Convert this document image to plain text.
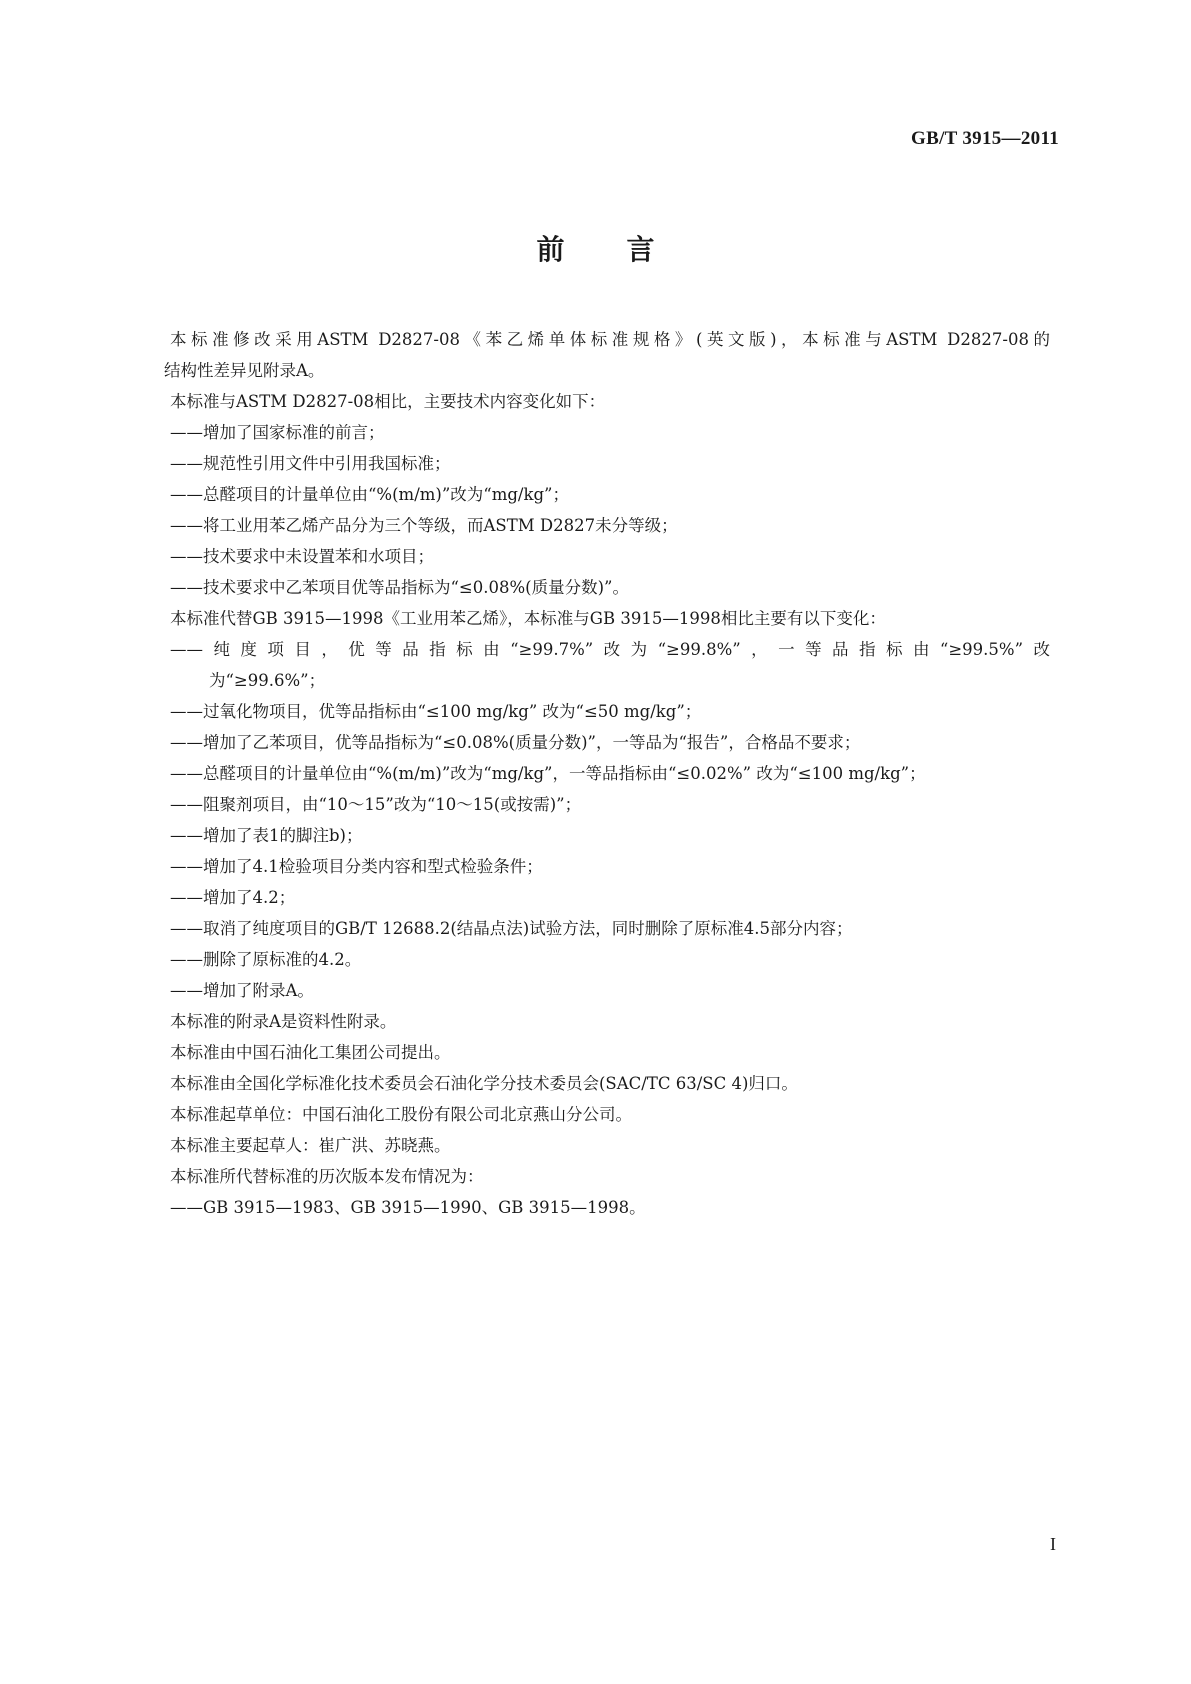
GB/T 3915—2011
前 言
本标准修改采用ASTM D2827-08《苯乙烯单体标准规格》(英文版)，本标准与ASTM D2827-08的
结构性差异见附录A。
本标准与ASTM D2827-08相比，主要技术内容变化如下：
——增加了国家标准的前言；
——规范性引用文件中引用我国标准；
——总醛项目的计量单位由“%(m/m)”改为“mg/kg”；
——将工业用苯乙烯产品分为三个等级，而ASTM D2827未分等级；
——技术要求中未设置苯和水项目；
——技术要求中乙苯项目优等品指标为“≤0.08%(质量分数)”。
本标准代替GB 3915—1998《工业用苯乙烯》，本标准与GB 3915—1998相比主要有以下变化：
——纯度项目，优等品指标由“≥99.7%”改为“≥99.8%”，一等品指标由“≥99.5%”改
为“≥99.6%”；
——过氧化物项目，优等品指标由“≤100 mg/kg” 改为“≤50 mg/kg”；
——增加了乙苯项目，优等品指标为“≤0.08%(质量分数)”，一等品为“报告”，合格品不要求；
——总醛项目的计量单位由“%(m/m)”改为“mg/kg”，一等品指标由“≤0.02%” 改为“≤100 mg/kg”；
——阻聚剂项目，由“10～15”改为“10～15(或按需)”；
——增加了表1的脚注b)；
——增加了4.1检验项目分类内容和型式检验条件；
——增加了4.2；
——取消了纯度项目的GB/T 12688.2(结晶点法)试验方法，同时删除了原标准4.5部分内容；
——删除了原标准的4.2。
——增加了附录A。
本标准的附录A是资料性附录。
本标准由中国石油化工集团公司提出。
本标准由全国化学标准化技术委员会石油化学分技术委员会(SAC/TC 63/SC 4)归口。
本标准起草单位：中国石油化工股份有限公司北京燕山分公司。
本标准主要起草人：崔广洪、苏晓燕。
本标准所代替标准的历次版本发布情况为：
——GB 3915—1983、GB 3915—1990、GB 3915—1998。
I
